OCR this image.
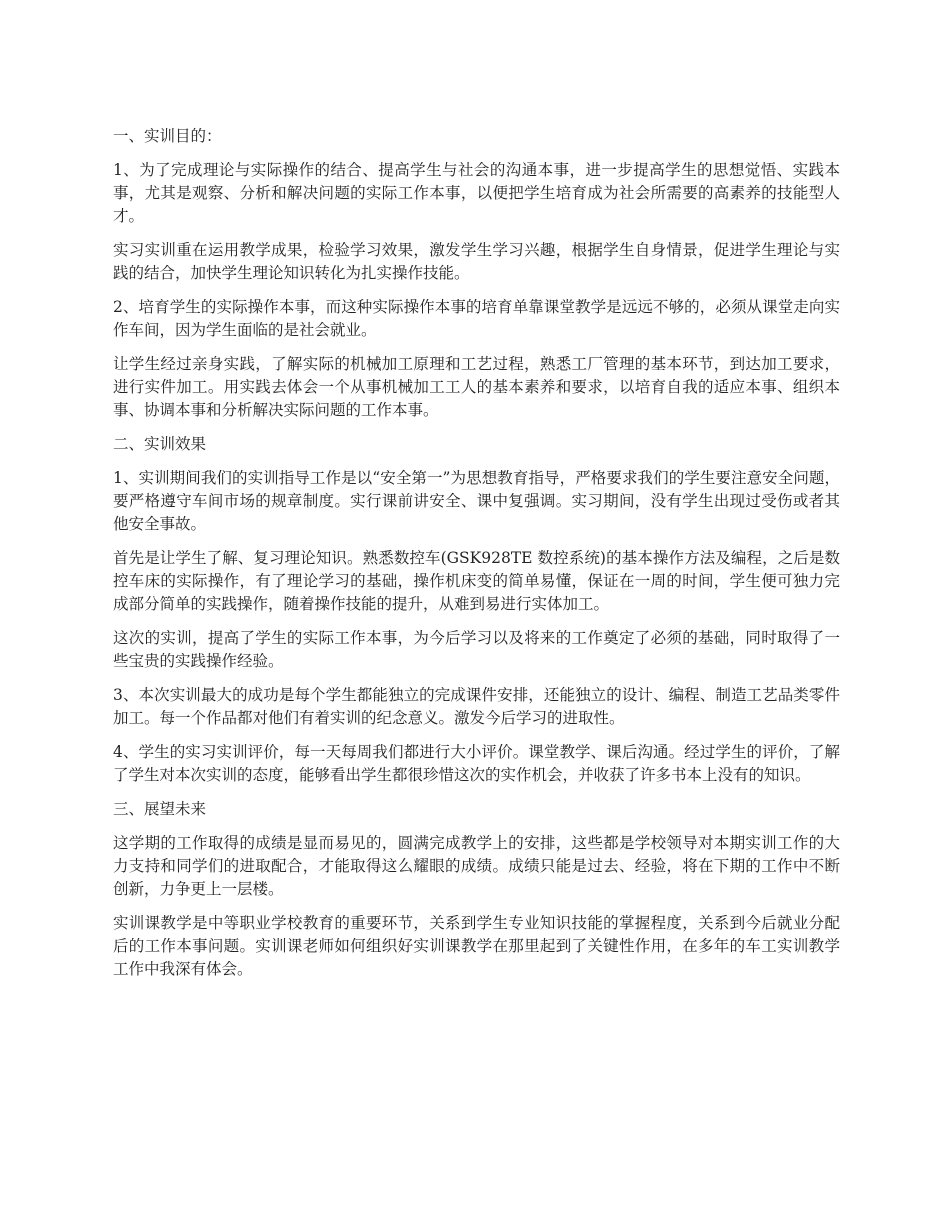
一、实训目的：

1、为了完成理论与实际操作的结合、提高学生与社会的沟通本事，进一步提高学生的思想觉悟、实践本事，尤其是观察、分析和解决问题的实际工作本事，以便把学生培育成为社会所需要的高素养的技能型人才。

实习实训重在运用教学成果，检验学习效果，激发学生学习兴趣，根据学生自身情景，促进学生理论与实践的结合，加快学生理论知识转化为扎实操作技能。

2、培育学生的实际操作本事，而这种实际操作本事的培育单靠课堂教学是远远不够的，必须从课堂走向实作车间，因为学生面临的是社会就业。

让学生经过亲身实践，了解实际的机械加工原理和工艺过程，熟悉工厂管理的基本环节，到达加工要求，进行实件加工。用实践去体会一个从事机械加工工人的基本素养和要求，以培育自我的适应本事、组织本事、协调本事和分析解决实际问题的工作本事。

二、实训效果

1、实训期间我们的实训指导工作是以“安全第一”为思想教育指导，严格要求我们的学生要注意安全问题，要严格遵守车间市场的规章制度。实行课前讲安全、课中复强调。实习期间，没有学生出现过受伤或者其他安全事故。

首先是让学生了解、复习理论知识。熟悉数控车(GSK928TE 数控系统)的基本操作方法及编程，之后是数控车床的实际操作，有了理论学习的基础，操作机床变的简单易懂，保证在一周的时间，学生便可独力完成部分简单的实践操作，随着操作技能的提升，从难到易进行实体加工。

这次的实训，提高了学生的实际工作本事，为今后学习以及将来的工作奠定了必须的基础，同时取得了一些宝贵的实践操作经验。

3、本次实训最大的成功是每个学生都能独立的完成课件安排，还能独立的设计、编程、制造工艺品类零件加工。每一个作品都对他们有着实训的纪念意义。激发今后学习的进取性。

4、学生的实习实训评价，每一天每周我们都进行大小评价。课堂教学、课后沟通。经过学生的评价，了解了学生对本次实训的态度，能够看出学生都很珍惜这次的实作机会，并收获了许多书本上没有的知识。

三、展望未来

这学期的工作取得的成绩是显而易见的，圆满完成教学上的安排，这些都是学校领导对本期实训工作的大力支持和同学们的进取配合，才能取得这么耀眼的成绩。成绩只能是过去、经验，将在下期的工作中不断创新，力争更上一层楼。

实训课教学是中等职业学校教育的重要环节，关系到学生专业知识技能的掌握程度，关系到今后就业分配后的工作本事问题。实训课老师如何组织好实训课教学在那里起到了关键性作用，在多年的车工实训教学工作中我深有体会。
